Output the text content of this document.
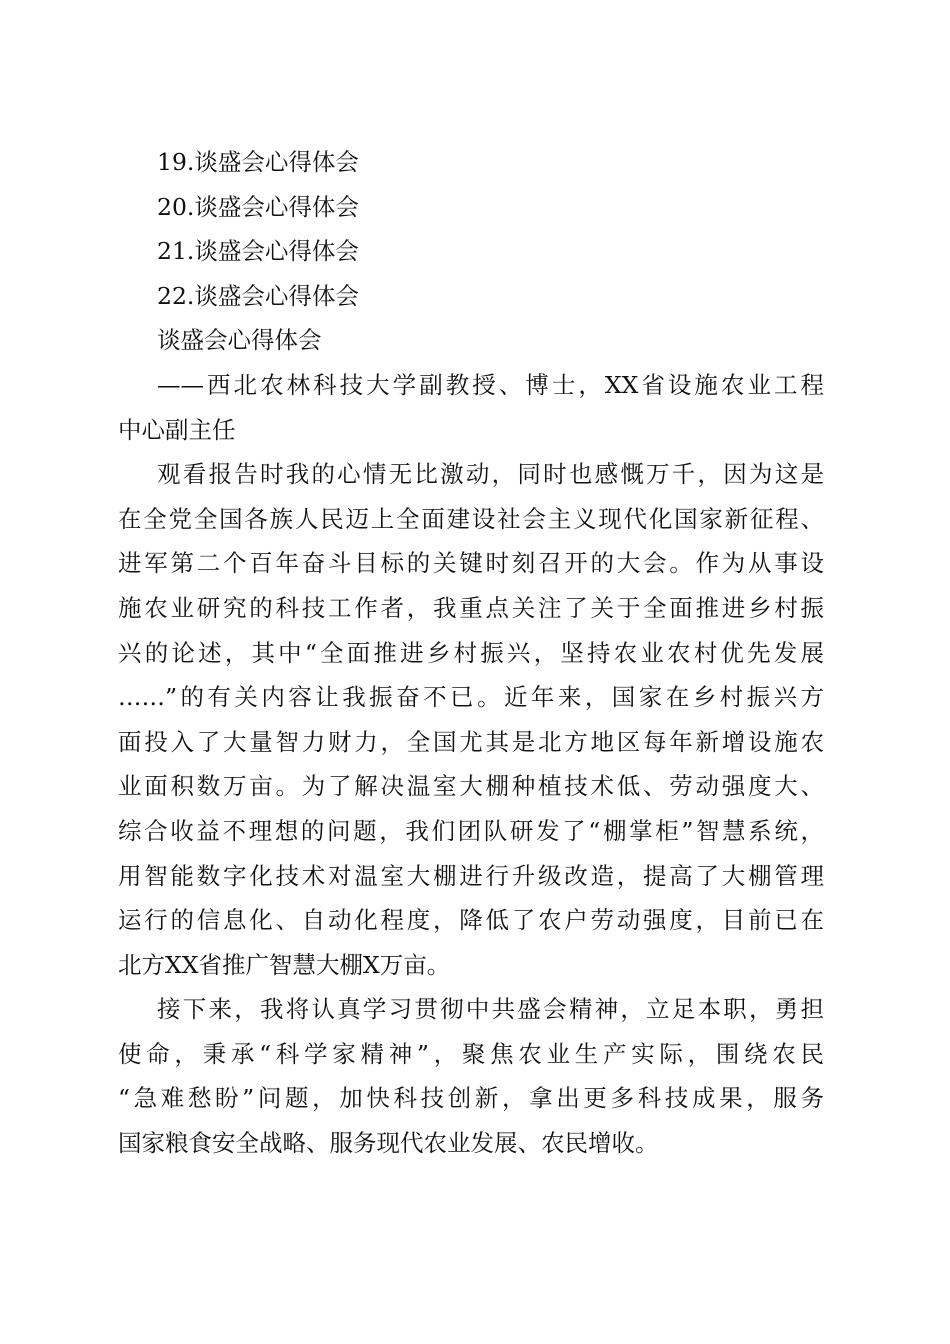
19.谈盛会心得体会
20.谈盛会心得体会
21.谈盛会心得体会
22.谈盛会心得体会
谈盛会心得体会
——西北农林科技大学副教授、博士，XX省设施农业工程
中心副主任
观看报告时我的心情无比激动，同时也感慨万千，因为这是
在全党全国各族人民迈上全面建设社会主义现代化国家新征程、
进军第二个百年奋斗目标的关键时刻召开的大会。作为从事设
施农业研究的科技工作者，我重点关注了关于全面推进乡村振
兴的论述，其中“全面推进乡村振兴，坚持农业农村优先发展
……”的有关内容让我振奋不已。近年来，国家在乡村振兴方
面投入了大量智力财力，全国尤其是北方地区每年新增设施农
业面积数万亩。为了解决温室大棚种植技术低、劳动强度大、
综合收益不理想的问题，我们团队研发了“棚掌柜”智慧系统，
用智能数字化技术对温室大棚进行升级改造，提高了大棚管理
运行的信息化、自动化程度，降低了农户劳动强度，目前已在
北方XX省推广智慧大棚X万亩。
接下来，我将认真学习贯彻中共盛会精神，立足本职，勇担
使命，秉承“科学家精神”，聚焦农业生产实际，围绕农民
“急难愁盼”问题，加快科技创新，拿出更多科技成果，服务
国家粮食安全战略、服务现代农业发展、农民增收。
